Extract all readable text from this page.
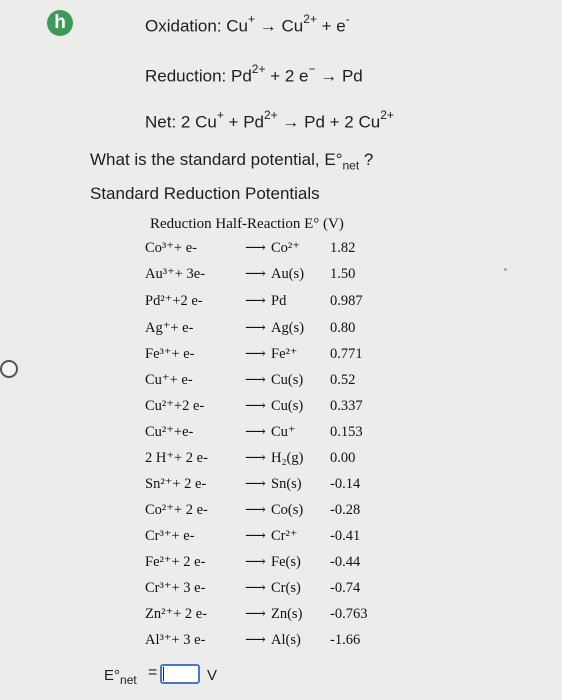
h	Oxidation: $Cu^+ \to Cu^{2+} + e^-$
Reduction: $Pd^{2+} + 2$ e− → Pd
Net: 2 $Cu^+ + Pd^{2+} \to Pd + 2$ $Cu^{2+}$
What is the standard potential, $E^\circ_{net}$ ?
Standard Reduction Potentials
Reduction Half-Reaction E° (V)
Co³⁺+ e-	⟶ Co²⁺ 1.82
Au³⁺+ 3e-	⟶ Au(s) 1.50
Pd²⁺+2 e-	⟶ Pd	0.987
Ag⁺+ e-	⟶ Ag(s) 0.80
Fe³⁺+ e-	⟶ Fe²⁺ 0.771
Cu⁺+ e-	⟶ Cu(s) 0.52
Cu²⁺+2 e-	⟶ Cu(s) 0.337
Cu²⁺+e-	⟶ Cu⁺ 0.153
2 H⁺+ 2 e-	⟶ H₂(g) 0.00
Sn²⁺+ 2 e-	⟶ Sn(s) -0.14
Co²⁺+ 2 e-	⟶ Co(s) -0.28
Cr³⁺+ e-	⟶ Cr²⁺ -0.41
Fe²⁺+ 2 e-	⟶ Fe(s) -0.44
Cr³⁺+ 3 e-	⟶ Cr(s) -0.74
Zn²⁺+ 2 e-	⟶ Zn(s) -0.763
Al³⁺+ 3 e-	⟶ Al(s) -1.66
$E^\circ_{net}$ =	V
